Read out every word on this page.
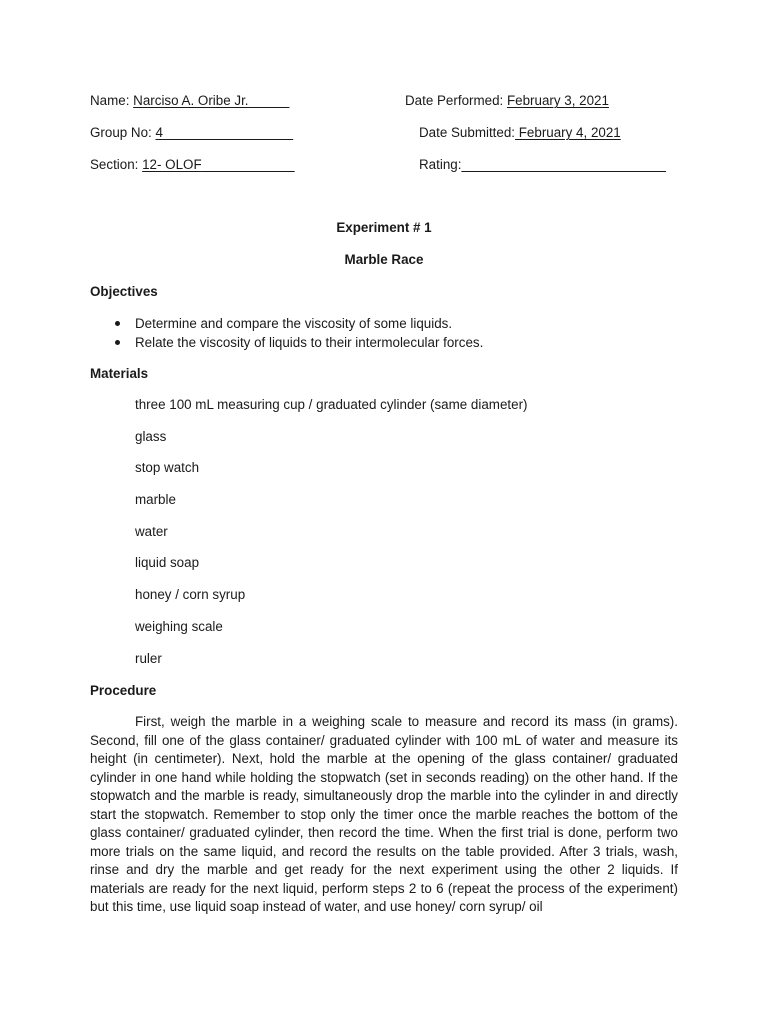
Name: Narciso A. Oribe Jr.	Date Performed: February 3, 2021
Group No: 4	Date Submitted: February 4, 2021
Section: 12- OLOF	Rating:
Experiment # 1
Marble Race
Objectives
Determine and compare the viscosity of some liquids.
Relate the viscosity of liquids to their intermolecular forces.
Materials
three 100 mL measuring cup / graduated cylinder (same diameter)
glass
stop watch
marble
water
liquid soap
honey / corn syrup
weighing scale
ruler
Procedure

First, weigh the marble in a weighing scale to measure and record its mass (in grams). Second, fill one of the glass container/ graduated cylinder with 100 mL of water and measure its height (in centimeter). Next, hold the marble at the opening of the glass container/ graduated cylinder in one hand while holding the stopwatch (set in seconds reading) on the other hand. If the stopwatch and the marble is ready, simultaneously drop the marble into the cylinder in and directly start the stopwatch. Remember to stop only the timer once the marble reaches the bottom of the glass container/ graduated cylinder, then record the time. When the first trial is done, perform two more trials on the same liquid, and record the results on the table provided. After 3 trials, wash, rinse and dry the marble and get ready for the next experiment using the other 2 liquids. If materials are ready for the next liquid, perform steps 2 to 6 (repeat the process of the experiment) but this time, use liquid soap instead of water, and use honey/ corn syrup/ oil
